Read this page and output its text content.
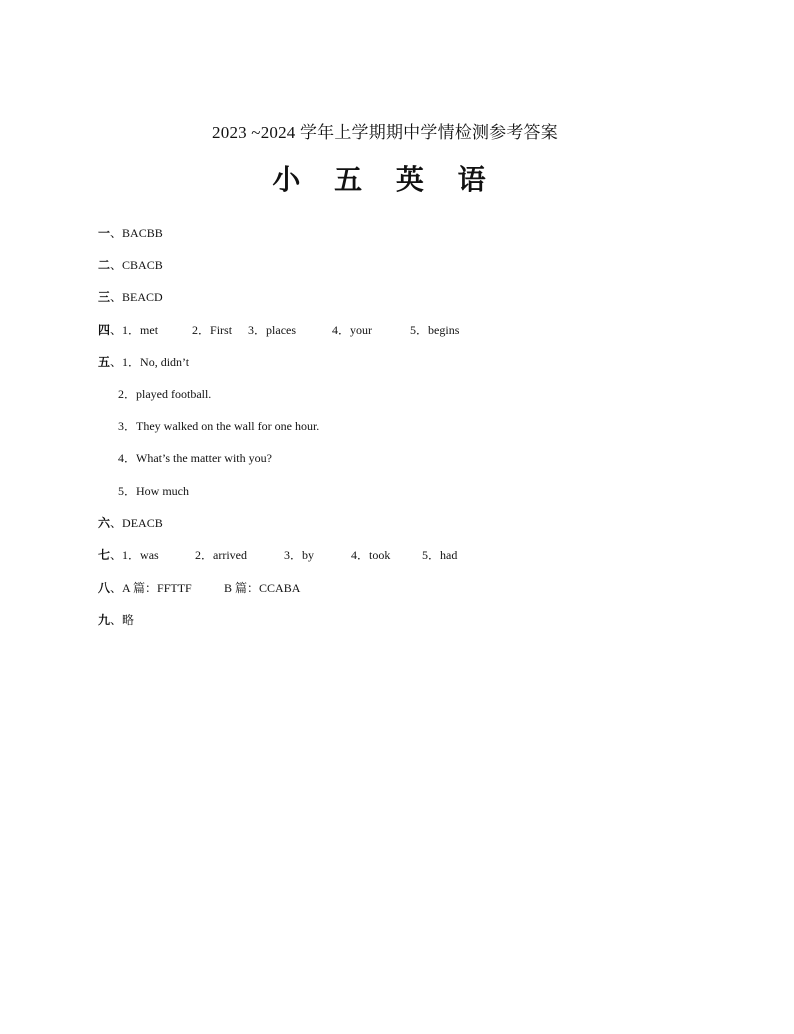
2023 ~2024 学年上学期期中学情检测参考答案
小 五 英 语
一、BACBB
二、CBACB
三、BEACD
四、1．met	2．First 3．places	4．your	5．begins
五、1．No, didn’t
2．played football.
3．They walked on the wall for one hour.
4．What’s the matter with you?
5．How much
六、DEACB
七、1．was	2．arrived	3．by	4．took	5．had
八、A 篇：FFTTF	B 篇：CCABA
九、略
